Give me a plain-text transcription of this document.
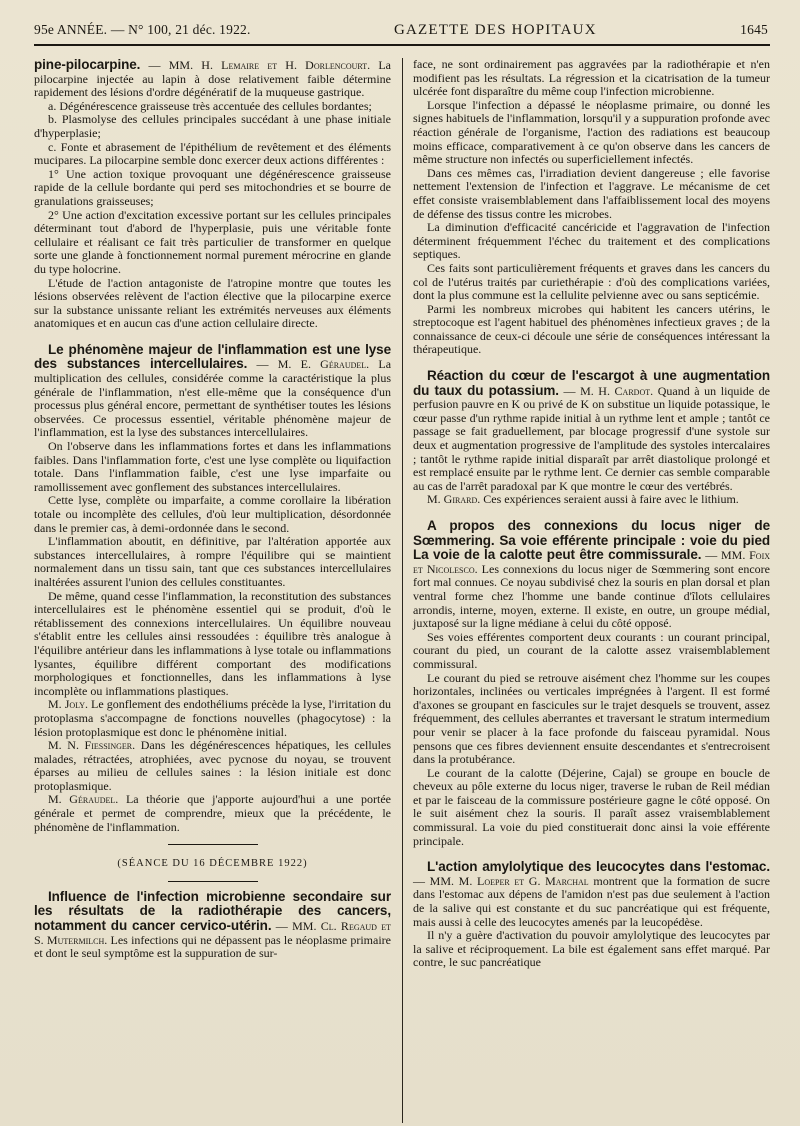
95e ANNÉE. — N° 100, 21 déc. 1922.	GAZETTE DES HOPITAUX	1645

pine-pilocarpine. — MM. H. Lemaire et H. Dorlencourt. La pilocarpine injectée au lapin à dose relativement faible détermine rapidement des lésions d'ordre dégénératif de la muqueuse gastrique.

a. Dégénérescence graisseuse très accentuée des cellules bordantes;

b. Plasmolyse des cellules principales succédant à une phase initiale d'hyperplasie;

c. Fonte et abrasement de l'épithélium de revêtement et des éléments mucipares. La pilocarpine semble donc exercer deux actions différentes :

1° Une action toxique provoquant une dégénérescence graisseuse rapide de la cellule bordante qui perd ses mitochondries et se bourre de granulations graisseuses;

2° Une action d'excitation excessive portant sur les cellules principales déterminant tout d'abord de l'hyperplasie, puis une véritable fonte cellulaire et réalisant ce fait très particulier de transformer en quelque sorte une glande à fonctionnement normal purement mérocrine en glande du type holocrine.

L'étude de l'action antagoniste de l'atropine montre que toutes les lésions observées relèvent de l'action élective que la pilocarpine exerce sur la substance unissante reliant les extrémités nerveuses aux éléments anatomiques et en aucun cas d'une action cellulaire directe.

Le phénomène majeur de l'inflammation est une lyse des substances intercellulaires. — M. E. Géraudel. La multiplication des cellules, considérée comme la caractéristique la plus générale de l'inflammation, n'est elle-même que la conséquence d'un processus plus général encore, permettant de synthétiser toutes les lésions observées. Ce processus essentiel, véritable phénomène majeur de l'inflammation, est la lyse des substances intercellulaires.

On l'observe dans les inflammations fortes et dans les inflammations faibles. Dans l'inflammation forte, c'est une lyse complète ou liquifaction totale. Dans l'inflammation faible, c'est une lyse imparfaite ou ramollissement avec gonflement des substances intercellulaires.

Cette lyse, complète ou imparfaite, a comme corollaire la libération totale ou incomplète des cellules, d'où leur multiplication, désordonnée dans le premier cas, à demi-ordonnée dans le second.

L'inflammation aboutit, en définitive, par l'altération apportée aux substances intercellulaires, à rompre l'équilibre qui se maintient normalement dans un tissu sain, tant que ces substances intercellulaires inaltérées assurent l'union des cellules constituantes.

De même, quand cesse l'inflammation, la reconstitution des substances intercellulaires est le phénomène essentiel qui se produit, d'où le rétablissement des connexions intercellulaires. Un équilibre nouveau s'établit entre les cellules ainsi ressoudées : équilibre très analogue à l'équilibre antérieur dans les inflammations à lyse totale ou inflammations lysantes, équilibre différent comportant des modifications morphologiques et fonctionnelles, dans les inflammations à lyse incomplète ou inflammations plastiques.

M. Joly. Le gonflement des endothéliums précède la lyse, l'irritation du protoplasma s'accompagne de fonctions nouvelles (phagocytose) : la lésion protoplasmique est donc le phénomène initial.

M. N. Fiessinger. Dans les dégénérescences hépatiques, les cellules malades, rétractées, atrophiées, avec pycnose du noyau, se trouvent éparses au milieu de cellules saines : la lésion initiale est donc protoplasmique.

M. Géraudel. La théorie que j'apporte aujourd'hui a une portée générale et permet de comprendre, mieux que la précédente, le phénomène de l'inflammation.

(SÉANCE DU 16 DÉCEMBRE 1922)

Influence de l'infection microbienne secondaire sur les résultats de la radiothérapie des cancers, notamment du cancer cervico-utérin. — MM. Cl. Regaud et S. Mutermilch. Les infections qui ne dépassent pas le néoplasme primaire et dont le seul symptôme est la suppuration de sur-

face, ne sont ordinairement pas aggravées par la radiothérapie et n'en modifient pas les résultats. La régression et la cicatrisation de la tumeur ulcérée font disparaître du même coup l'infection microbienne.

Lorsque l'infection a dépassé le néoplasme primaire, ou donné les signes habituels de l'inflammation, lorsqu'il y a suppuration profonde avec réaction générale de l'organisme, l'action des radiations est beaucoup moins efficace, comparativement à ce qu'on observe dans les cancers de même structure non infectés ou superficiellement infectés.

Dans ces mêmes cas, l'irradiation devient dangereuse ; elle favorise nettement l'extension de l'infection et l'aggrave. Le mécanisme de cet effet consiste vraisemblablement dans l'affaiblissement local des moyens de défense des tissus contre les microbes.

La diminution d'efficacité cancéricide et l'aggravation de l'infection déterminent fréquemment l'échec du traitement et des complications septiques.

Ces faits sont particulièrement fréquents et graves dans les cancers du col de l'utérus traités par curiethérapie : d'où des complications variées, dont la plus commune est la cellulite pelvienne avec ou sans septicémie.

Parmi les nombreux microbes qui habitent les cancers utérins, le streptocoque est l'agent habituel des phénomènes infectieux graves ; de la connaissance de ceux-ci découle une série de conséquences intéressant la thérapeutique.

Réaction du cœur de l'escargot à une augmentation du taux du potassium. — M. H. Cardot. Quand à un liquide de perfusion pauvre en K ou privé de K on substitue un liquide potassique, le cœur passe d'un rythme rapide initial à un rythme lent et ample ; tantôt ce passage se fait graduellement, par blocage progressif d'une systole sur deux et augmentation progressive de l'amplitude des systoles intercalaires ; tantôt le rythme rapide initial disparaît par arrêt diastolique prolongé et est remplacé ensuite par le rythme lent. Ce dernier cas semble comparable au cas de l'arrêt paradoxal par K que montre le cœur des vertébrés.

M. Girard. Ces expériences seraient aussi à faire avec le lithium.

A propos des connexions du locus niger de Sœmmering. Sa voie efférente principale : voie du pied La voie de la calotte peut être commissurale. — MM. Foix et Nicolesco. Les connexions du locus niger de Sœmmering sont encore fort mal connues. Ce noyau subdivisé chez la souris en plan dorsal et plan ventral forme chez l'homme une bande continue d'îlots cellulaires arrondis, interne, moyen, externe. Il existe, en outre, un groupe médial, juxtaposé sur la ligne médiane à celui du côté opposé.

Ses voies efférentes comportent deux courants : un courant principal, courant du pied, un courant de la calotte assez vraisemblablement commissural.

Le courant du pied se retrouve aisément chez l'homme sur les coupes horizontales, inclinées ou verticales imprégnées à l'argent. Il est formé d'axones se groupant en fascicules sur le trajet desquels se trouvent, assez fréquemment, des cellules aberrantes et traversant le stratum intermedium pour venir se placer à la face profonde du faisceau pyramidal. Nous pensons que ces fibres deviennent ensuite descendantes et s'entrecroisent dans la protubérance.

Le courant de la calotte (Déjerine, Cajal) se groupe en boucle de cheveux au pôle externe du locus niger, traverse le ruban de Reil médian et par le faisceau de la commissure postérieure gagne le côté opposé. On le suit aisément chez la souris. Il paraît assez vraisemblablement commissural. La voie du pied constituerait donc ainsi la voie efférente principale.

L'action amylolytique des leucocytes dans l'estomac. — MM. M. Loeper et G. Marchal montrent que la formation de sucre dans l'estomac aux dépens de l'amidon n'est pas due seulement à l'action de la salive qui est constante et du suc pancréatique qui est fréquente, mais aussi à celle des leucocytes amenés par la leucopédèse.

Il n'y a guère d'activation du pouvoir amylolytique des leucocytes par la salive et réciproquement. La bile est également sans effet marqué. Par contre, le suc pancréatique
